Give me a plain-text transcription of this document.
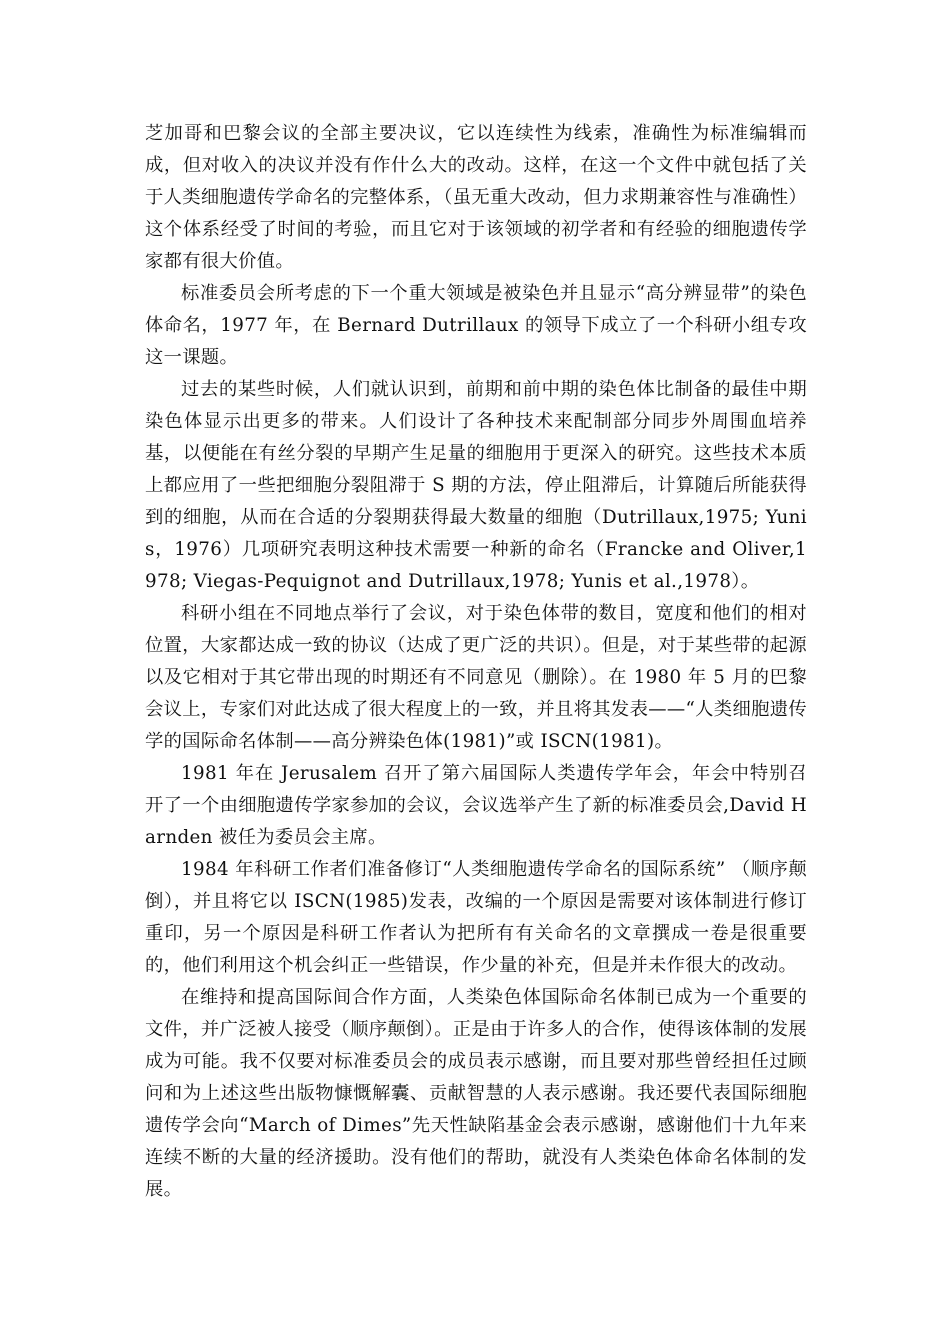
芝加哥和巴黎会议的全部主要决议，它以连续性为线索，准确性为标准编辑而成，但对收入的决议并没有作什么大的改动。这样，在这一个文件中就包括了关于人类细胞遗传学命名的完整体系，（虽无重大改动，但力求期兼容性与准确性）这个体系经受了时间的考验，而且它对于该领域的初学者和有经验的细胞遗传学家都有很大价值。

标准委员会所考虑的下一个重大领域是被染色并且显示“高分辨显带”的染色体命名，1977 年，在 Bernard Dutrillaux 的领导下成立了一个科研小组专攻这一课题。

过去的某些时候，人们就认识到，前期和前中期的染色体比制备的最佳中期染色体显示出更多的带来。人们设计了各种技术来配制部分同步外周围血培养基，以便能在有丝分裂的早期产生足量的细胞用于更深入的研究。这些技术本质上都应用了一些把细胞分裂阻滞于 S 期的方法，停止阻滞后，计算随后所能获得到的细胞，从而在合适的分裂期获得最大数量的细胞（Dutrillaux,1975; Yunis，1976）几项研究表明这种技术需要一种新的命名（Francke and Oliver,1978; Viegas-Pequignot and Dutrillaux,1978; Yunis et al.,1978）。

科研小组在不同地点举行了会议，对于染色体带的数目，宽度和他们的相对位置，大家都达成一致的协议（达成了更广泛的共识）。但是，对于某些带的起源以及它相对于其它带出现的时期还有不同意见（删除）。在 1980 年 5 月的巴黎会议上，专家们对此达成了很大程度上的一致，并且将其发表——“人类细胞遗传学的国际命名体制——高分辨染色体(1981)”或 ISCN(1981)。

1981 年在 Jerusalem 召开了第六届国际人类遗传学年会，年会中特别召开了一个由细胞遗传学家参加的会议，会议选举产生了新的标准委员会,David Harnden 被任为委员会主席。

1984 年科研工作者们准备修订“人类细胞遗传学命名的国际系统” （顺序颠倒），并且将它以 ISCN(1985)发表，改编的一个原因是需要对该体制进行修订重印，另一个原因是科研工作者认为把所有有关命名的文章撰成一卷是很重要的，他们利用这个机会纠正一些错误，作少量的补充，但是并未作很大的改动。

在维持和提高国际间合作方面，人类染色体国际命名体制已成为一个重要的文件，并广泛被人接受（顺序颠倒）。正是由于许多人的合作，使得该体制的发展成为可能。我不仅要对标准委员会的成员表示感谢，而且要对那些曾经担任过顾问和为上述这些出版物慷慨解囊、贡献智慧的人表示感谢。我还要代表国际细胞遗传学会向“March of Dimes”先天性缺陷基金会表示感谢，感谢他们十九年来连续不断的大量的经济援助。没有他们的帮助，就没有人类染色体命名体制的发展。
